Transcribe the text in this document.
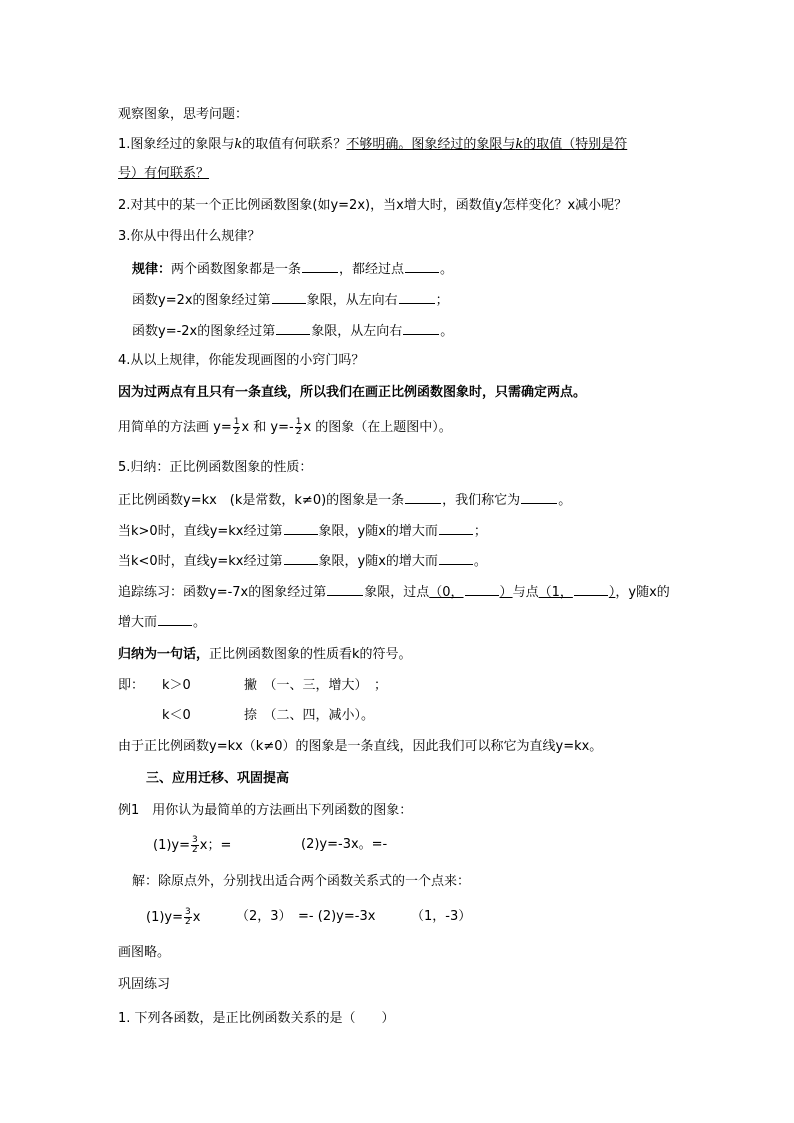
观察图象，思考问题：
1.图象经过的象限与k的取值有何联系？不够明确。图象经过的象限与k的取值（特别是符
号）有何联系？
2.对其中的某一个正比例函数图象(如y=2x)，当x增大时，函数值y怎样变化？x减小呢？
3.你从中得出什么规律？
规律：两个函数图象都是一条	，都经过点	。
函数y=2x的图象经过第	象限，从左向右	；
函数y=-2x的图象经过第	象限，从左向右	。
4.从以上规律，你能发现画图的小窍门吗？
因为过两点有且只有一条直线，所以我们在画正比例函数图象时，只需确定两点。
用简单的方法画 $y= \frac{1}{2}$ x 和 $y=- \frac{1}{2}$ x 的图象（在上题图中）。
5.归纳：正比例函数图象的性质：
正比例函数y=kx　(k是常数，k≠0)的图象是一条	，我们称它为	。
当k>0时，直线y=kx经过第	象限，y随x的增大而	；
当k<0时，直线y=kx经过第	象限，y随x的增大而	。
追踪练习：函数y=-7x的图象经过第	象限，过点（0，	）与点（1，	），y随x的
增大而	。
归纳为一句话，正比例函数图象的性质看k的符号。
即： k＞0	撇　（一、三，增大）　；
k＜0	捺　（二、四，减小）。
由于正比例函数y=kx（k≠0）的图象是一条直线，因此我们可以称它为直线y=kx。
三、应用迁移、巩固提高
例1　用你认为最简单的方法画出下列函数的图象：
$(1)y= \frac{3}{2}$ x；=	(2)y=-3x。=-
解：除原点外，分别找出适合两个函数关系式的一个点来：
$(1)y= \frac{3}{2}$ x	（2，3）　=- (2)y=-3x	（1，-3）
画图略。
巩固练习
1. 下列各函数，是正比例函数关系的是（　　）
